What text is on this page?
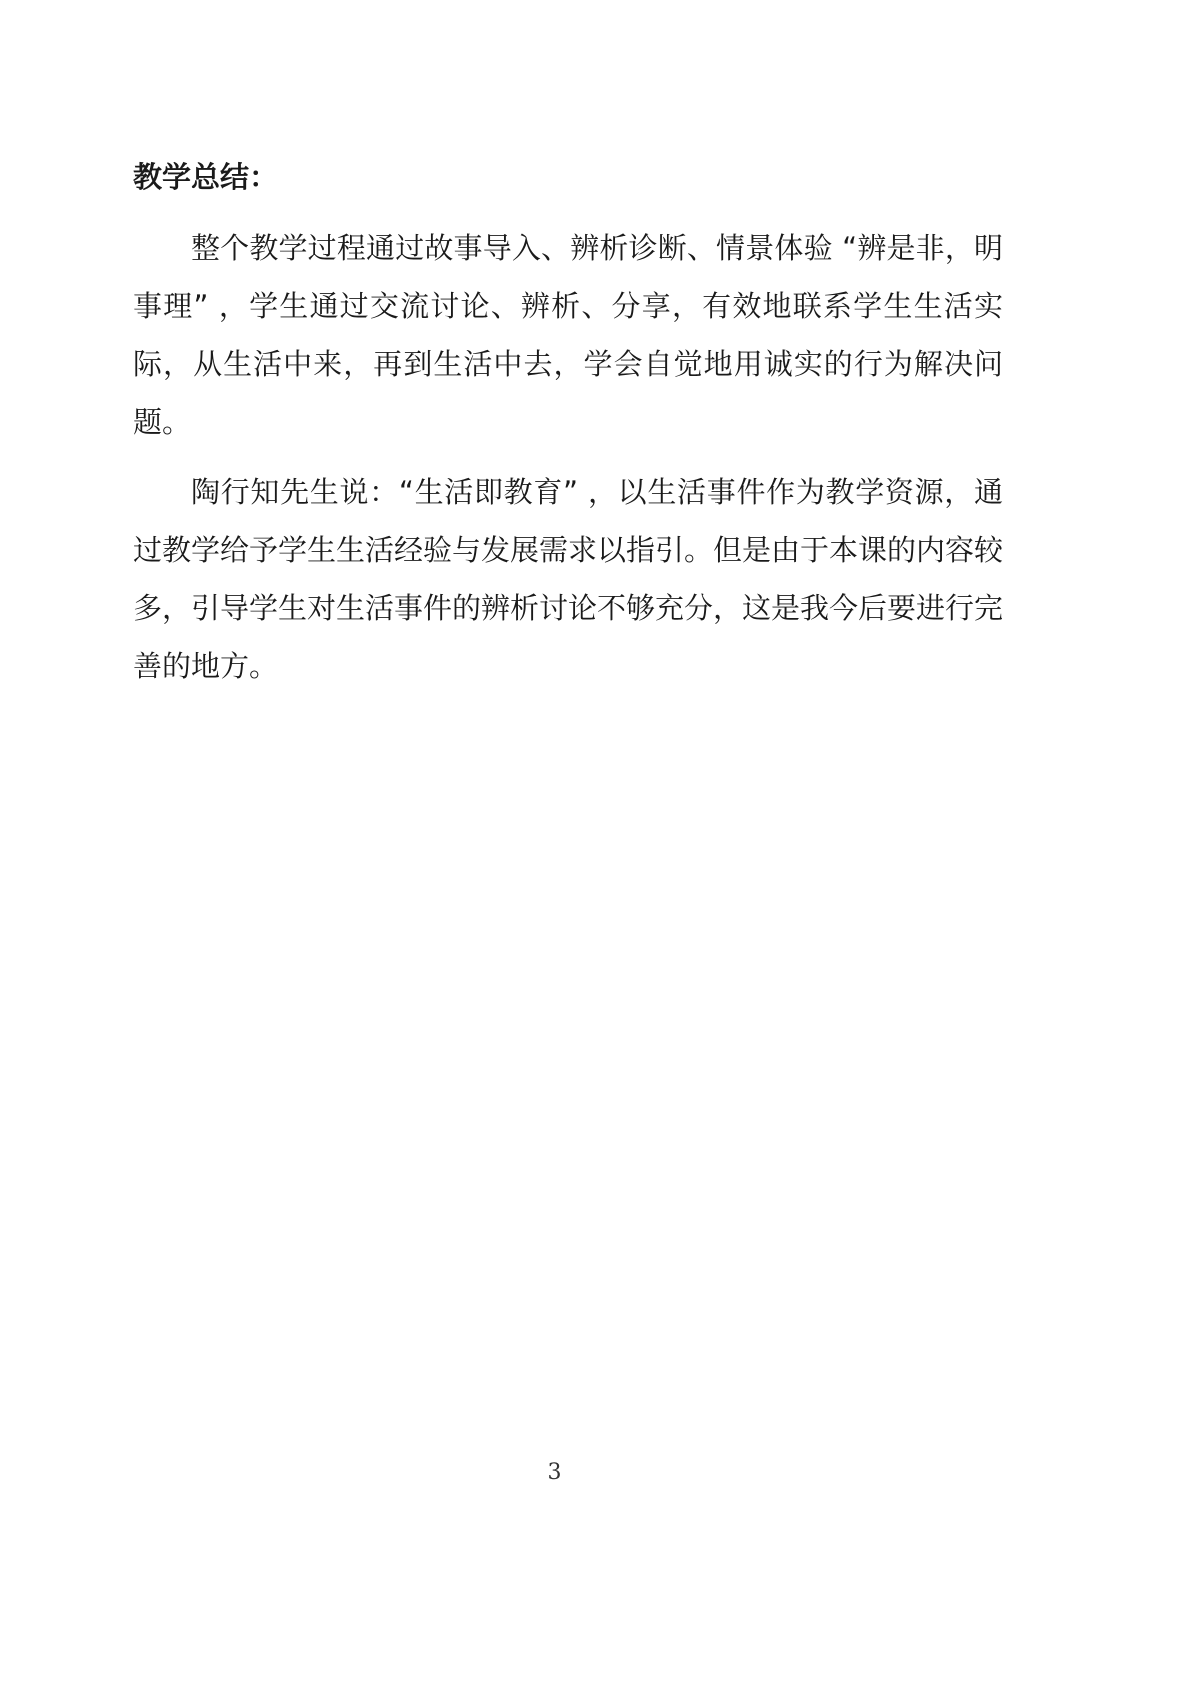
教学总结：

整个教学过程通过故事导入、辨析诊断、情景体验 “辨是非，明事理” ，学生通过交流讨论、辨析、分享，有效地联系学生生活实际，从生活中来，再到生活中去，学会自觉地用诚实的行为解决问题。

陶行知先生说：“生活即教育” ，以生活事件作为教学资源，通过教学给予学生生活经验与发展需求以指引。但是由于本课的内容较多，引导学生对生活事件的辨析讨论不够充分，这是我今后要进行完善的地方。

3
